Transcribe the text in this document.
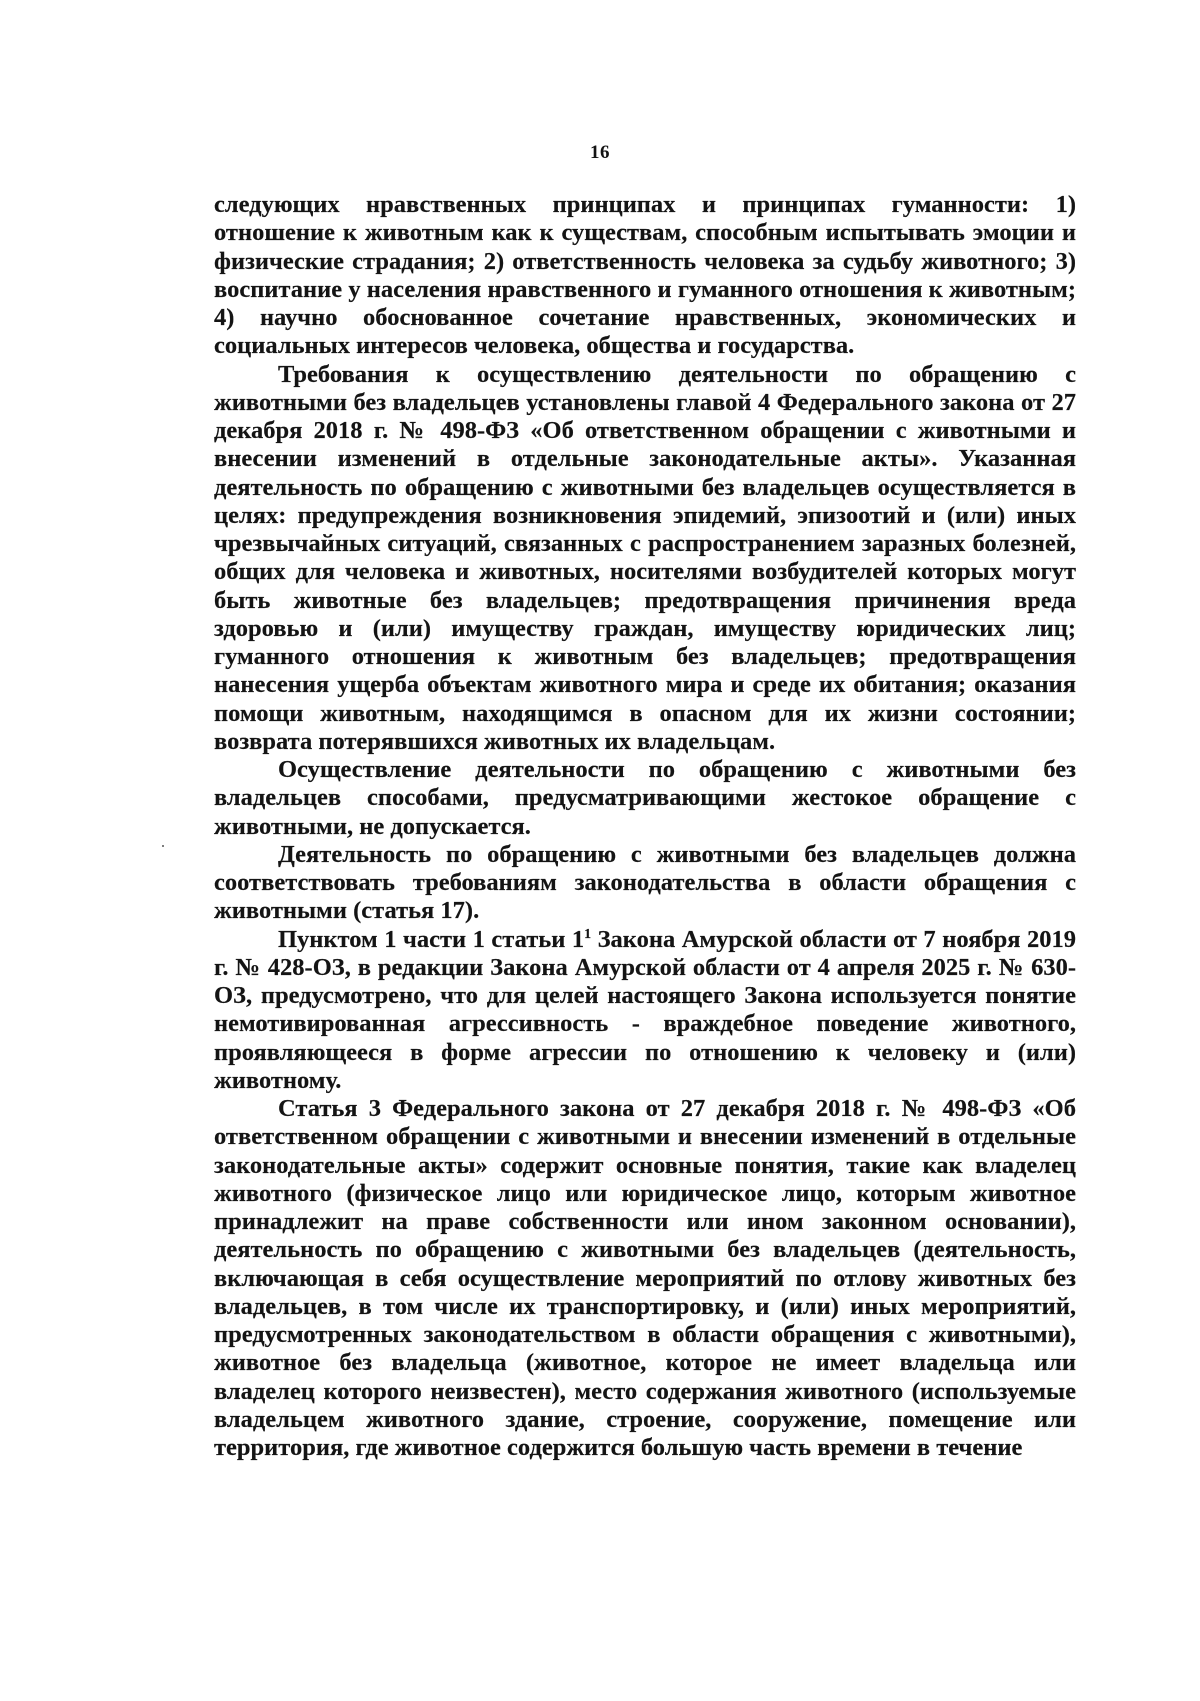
16

следующих нравственных принципах и принципах гуманности: 1) отношение к животным как к существам, способным испытывать эмоции и физические страдания; 2) ответственность человека за судьбу животного; 3) воспитание у населения нравственного и гуманного отношения к животным; 4) научно обоснованное сочетание нравственных, экономических и социальных интересов человека, общества и государства.

Требования к осуществлению деятельности по обращению с животными без владельцев установлены главой 4 Федерального закона от 27 декабря 2018 г. № 498-ФЗ «Об ответственном обращении с животными и внесении изменений в отдельные законодательные акты». Указанная деятельность по обращению с животными без владельцев осуществляется в целях: предупреждения возникновения эпидемий, эпизоотий и (или) иных чрезвычайных ситуаций, связанных с распространением заразных болезней, общих для человека и животных, носителями возбудителей которых могут быть животные без владельцев; предотвращения причинения вреда здоровью и (или) имуществу граждан, имуществу юридических лиц; гуманного отношения к животным без владельцев; предотвращения нанесения ущерба объектам животного мира и среде их обитания; оказания помощи животным, находящимся в опасном для их жизни состоянии; возврата потерявшихся животных их владельцам.

Осуществление деятельности по обращению с животными без владельцев способами, предусматривающими жестокое обращение с животными, не допускается.

Деятельность по обращению с животными без владельцев должна соответствовать требованиям законодательства в области обращения с животными (статья 17).

Пунктом 1 части 1 статьи $1^1$ Закона Амурской области от 7 ноября 2019 г. № 428-ОЗ, в редакции Закона Амурской области от 4 апреля 2025 г. № 630-ОЗ, предусмотрено, что для целей настоящего Закона используется понятие немотивированная агрессивность - враждебное поведение животного, проявляющееся в форме агрессии по отношению к человеку и (или) животному.

Статья 3 Федерального закона от 27 декабря 2018 г. № 498-ФЗ «Об ответственном обращении с животными и внесении изменений в отдельные законодательные акты» содержит основные понятия, такие как владелец животного (физическое лицо или юридическое лицо, которым животное принадлежит на праве собственности или ином законном основании), деятельность по обращению с животными без владельцев (деятельность, включающая в себя осуществление мероприятий по отлову животных без владельцев, в том числе их транспортировку, и (или) иных мероприятий, предусмотренных законодательством в области обращения с животными), животное без владельца (животное, которое не имеет владельца или владелец которого неизвестен), место содержания животного (используемые владельцем животного здание, строение, сооружение, помещение или территория, где животное содержится большую часть времени в течение
